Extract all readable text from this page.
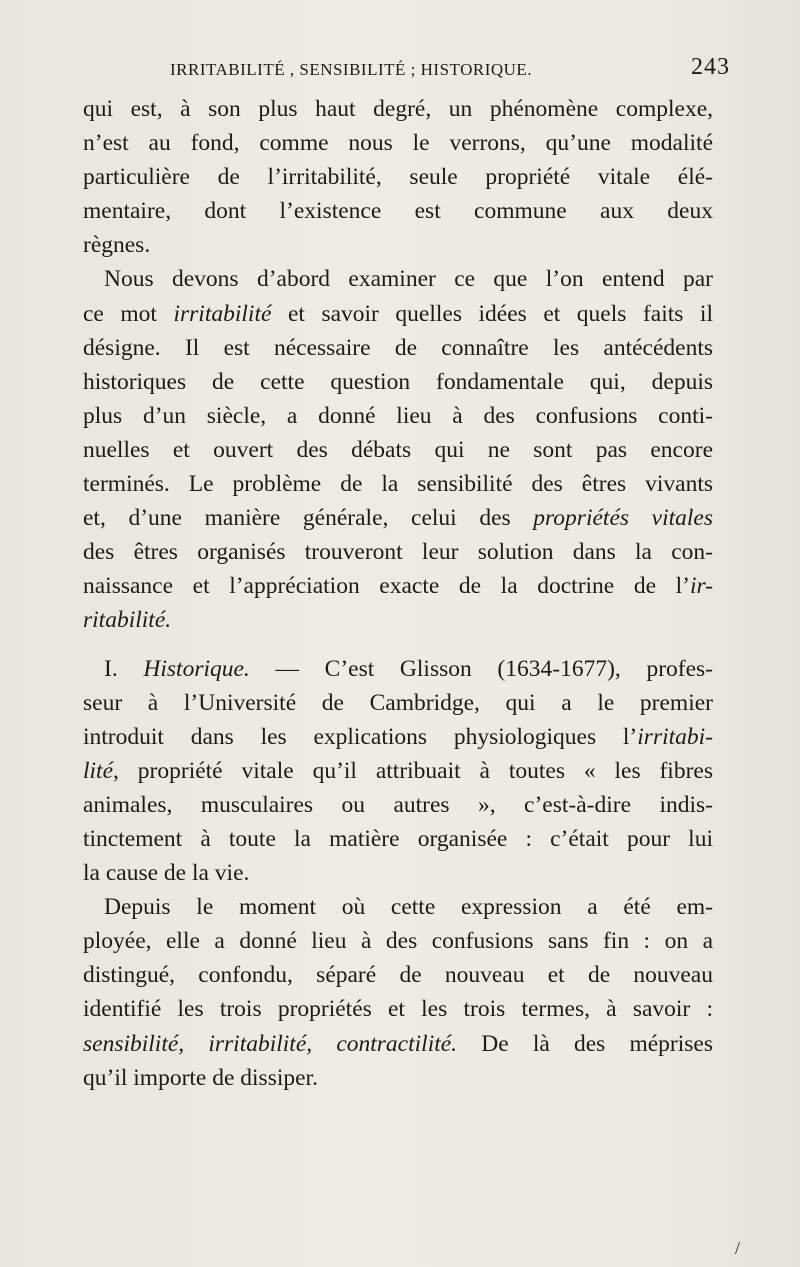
IRRITABILITÉ , SENSIBILITÉ ; HISTORIQUE.	243
qui est, à son plus haut degré, un phénomène complexe,
n’est au fond, comme nous le verrons, qu’une modalité
particulière de l’irritabilité, seule propriété vitale élé-
mentaire, dont l’existence est commune aux deux
règnes.
Nous devons d’abord examiner ce que l’on entend par
ce mot irritabilité et savoir quelles idées et quels faits il
désigne. Il est nécessaire de connaître les antécédents
historiques de cette question fondamentale qui, depuis
plus d’un siècle, a donné lieu à des confusions conti-
nuelles et ouvert des débats qui ne sont pas encore
terminés. Le problème de la sensibilité des êtres vivants
et, d’une manière générale, celui des propriétés vitales
des êtres organisés trouveront leur solution dans la con-
naissance et l’appréciation exacte de la doctrine de l’ir-
ritabilité.
I. Historique. — C’est Glisson (1634-1677), profes-
seur à l’Université de Cambridge, qui a le premier
introduit dans les explications physiologiques l’irritabi-
lité, propriété vitale qu’il attribuait à toutes « les fibres
animales, musculaires ou autres », c’est-à-dire indis-
tinctement à toute la matière organisée : c’était pour lui
la cause de la vie.
Depuis le moment où cette expression a été em-
ployée, elle a donné lieu à des confusions sans fin : on a
distingué, confondu, séparé de nouveau et de nouveau
identifié les trois propriétés et les trois termes, à savoir :
sensibilité, irritabilité, contractilité. De là des méprises
qu’il importe de dissiper.
/
